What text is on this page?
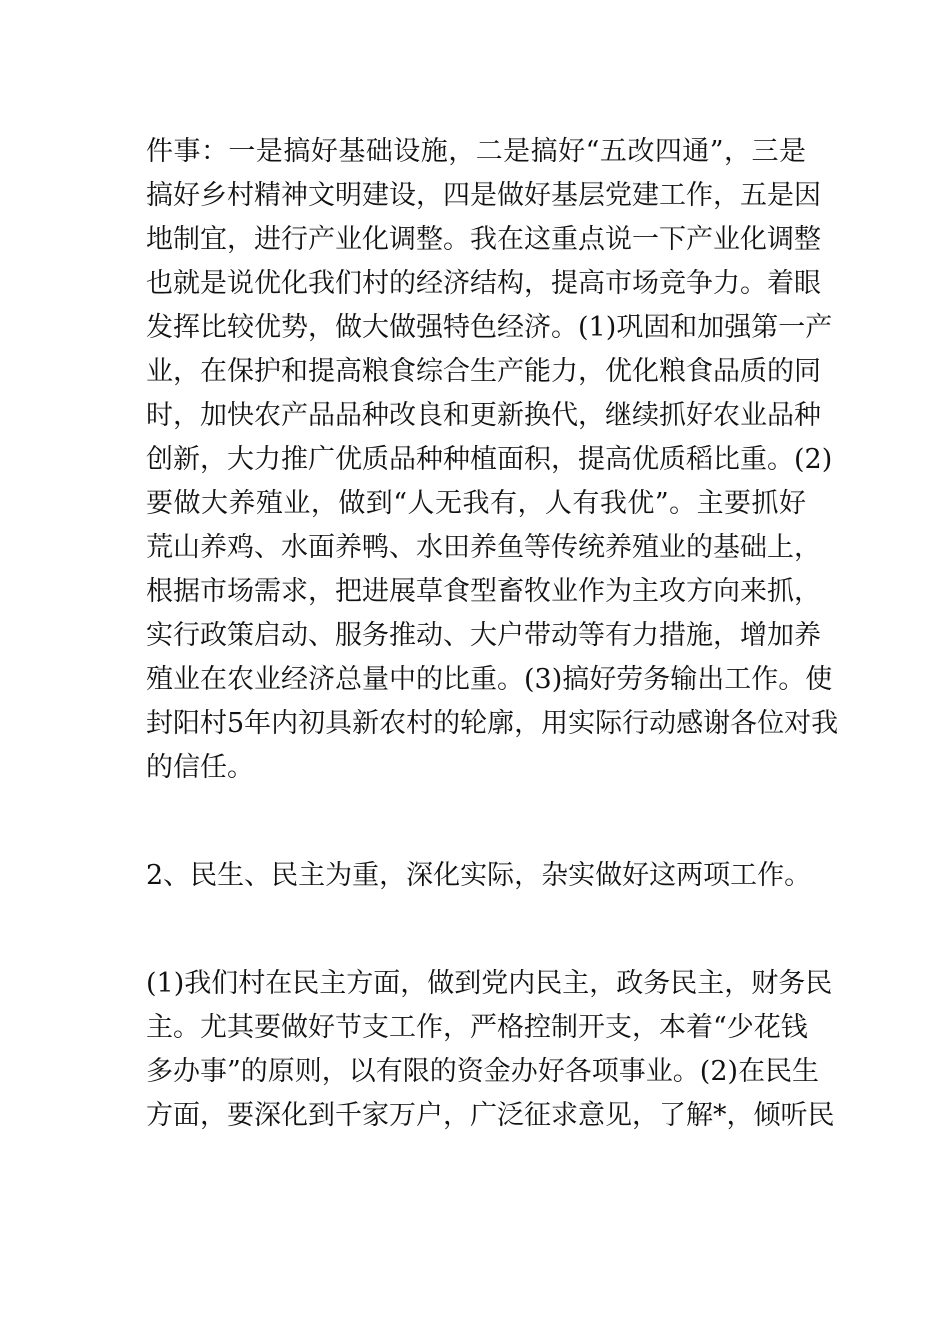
件事：一是搞好基础设施，二是搞好“五改四通”，三是
搞好乡村精神文明建设，四是做好基层党建工作，五是因
地制宜，进行产业化调整。我在这重点说一下产业化调整
也就是说优化我们村的经济结构，提高市场竞争力。着眼
发挥比较优势，做大做强特色经济。(1)巩固和加强第一产
业，在保护和提高粮食综合生产能力，优化粮食品质的同
时，加快农产品品种改良和更新换代，继续抓好农业品种
创新，大力推广优质品种种植面积，提高优质稻比重。(2)
要做大养殖业，做到“人无我有，人有我优”。主要抓好
荒山养鸡、水面养鸭、水田养鱼等传统养殖业的基础上，
根据市场需求，把进展草食型畜牧业作为主攻方向来抓，
实行政策启动、服务推动、大户带动等有力措施，增加养
殖业在农业经济总量中的比重。(3)搞好劳务输出工作。使
封阳村5年内初具新农村的轮廓，用实际行动感谢各位对我
的信任。
2、民生、民主为重，深化实际，杂实做好这两项工作。
(1)我们村在民主方面，做到党内民主，政务民主，财务民
主。尤其要做好节支工作，严格控制开支，本着“少花钱
多办事”的原则，以有限的资金办好各项事业。(2)在民生
方面，要深化到千家万户，广泛征求意见，了解*，倾听民
